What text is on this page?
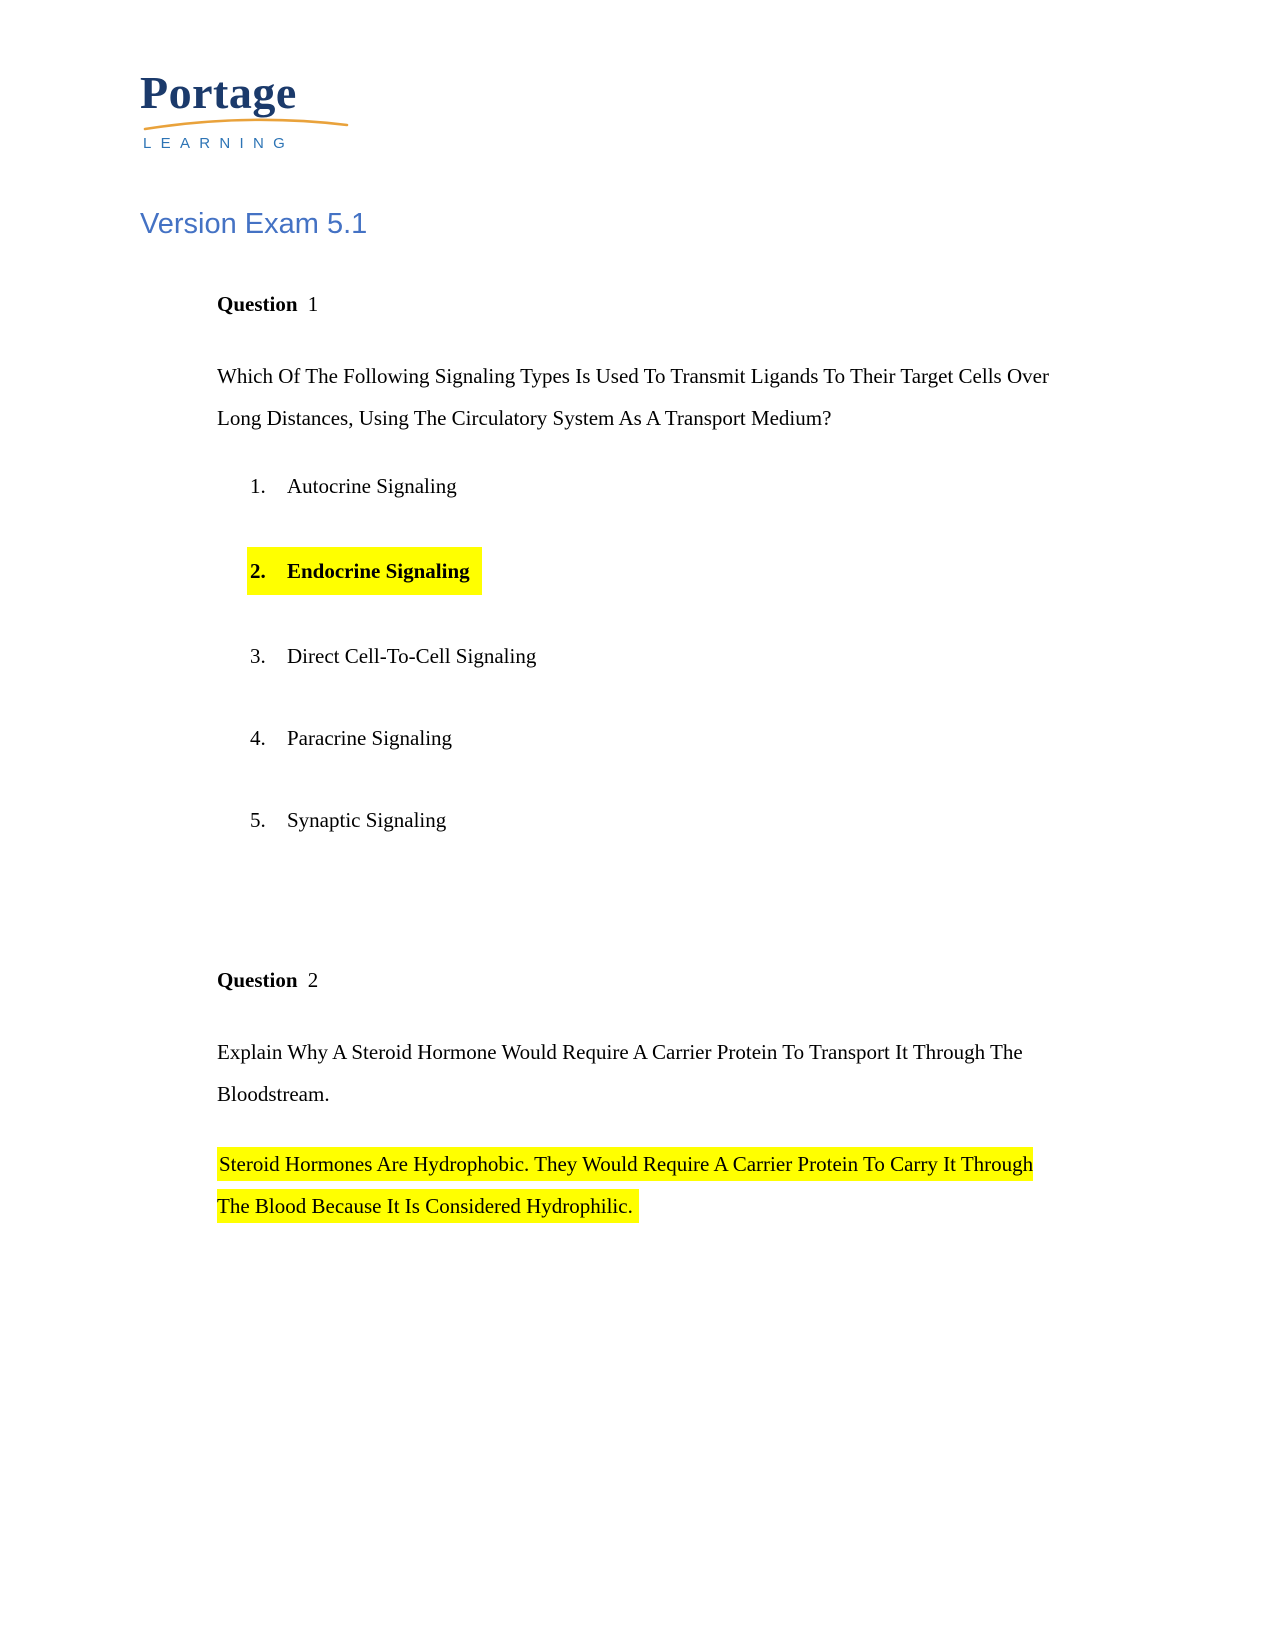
Portage
LEARNING
Version Exam 5.1
Question 1

Which Of The Following Signaling Types Is Used To Transmit Ligands To Their Target Cells Over Long Distances, Using The Circulatory System As A Transport Medium?

1. Autocrine Signaling
2. Endocrine Signaling
3. Direct Cell-To-Cell Signaling
4. Paracrine Signaling
5. Synaptic Signaling
Question 2

Explain Why A Steroid Hormone Would Require A Carrier Protein To Transport It Through The Bloodstream.

Steroid Hormones Are Hydrophobic. They Would Require A Carrier Protein To Carry It Through The Blood Because It Is Considered Hydrophilic.
